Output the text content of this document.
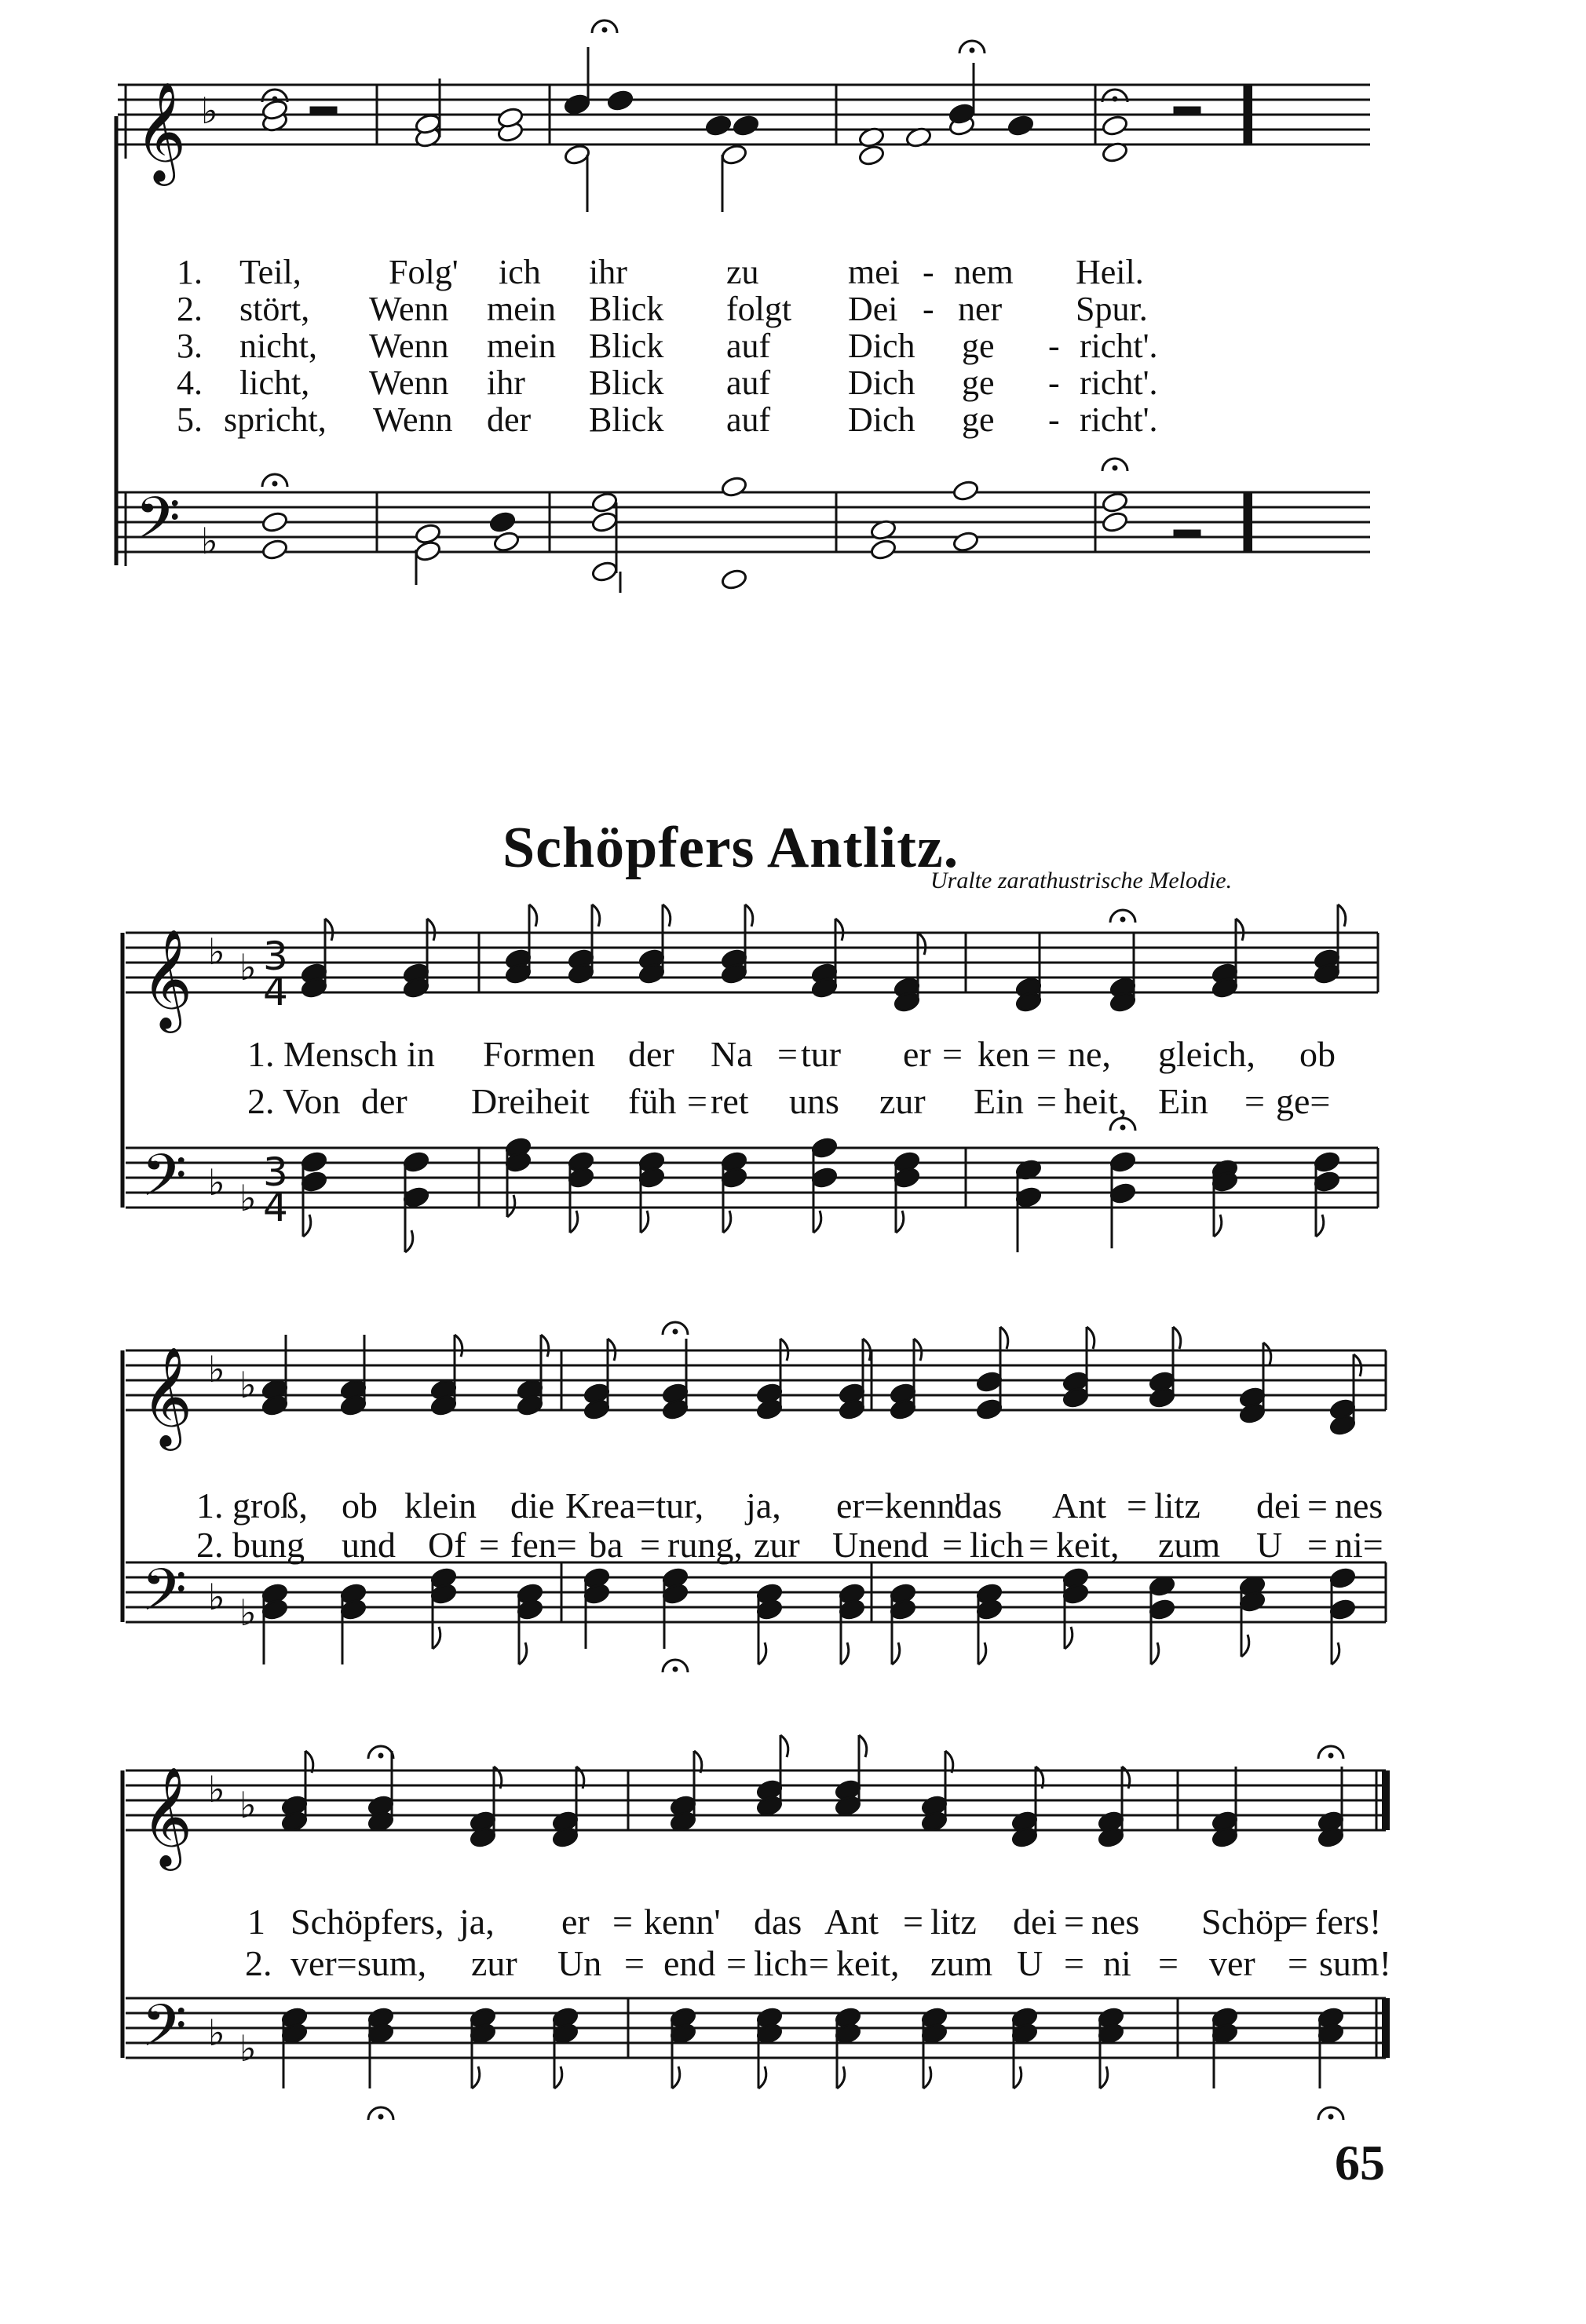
𝄞 ♭
𝄢 ♭
𝄞 ♭ ♭
𝄢 ♭ ♭
3
4
3
4
𝄞 ♭ ♭
𝄢 ♭ ♭
𝄞 ♭ ♭
𝄢 ♭ ♭
1. Teil,	Folg' ich ihr	zu	mei - nem Heil.
2. stört, Wenn mein Blick folgt Dei - ner Spur.
3. nicht, Wenn mein Blick auf Dich ge - richt'.
4. licht, Wenn ihr Blick auf Dich ge - richt'.
5. spricht, Wenn der Blick auf Dich ge - richt'.
Schöpfers Antlitz.
Uralte zarathustrische Melodie.
1. Mensch in Formen der Na = tur er = ken = ne, gleich, ob
2. Von der Dreiheit füh = ret uns zur Ein = heit, Ein = ge=
1. groß, ob klein die Krea=tur, ja, er=kenn'
das Ant = litz dei = nes
2. bung und Of = fen= ba = rung, zur Unend = lich = keit, zum U = ni=
1 Schöpfers, ja, er = kenn' das Ant = litz dei = nes Schöp
= fers!
2. ver= sum, zur Un = end = lich = keit, zum U = ni = ver = sum!
65
